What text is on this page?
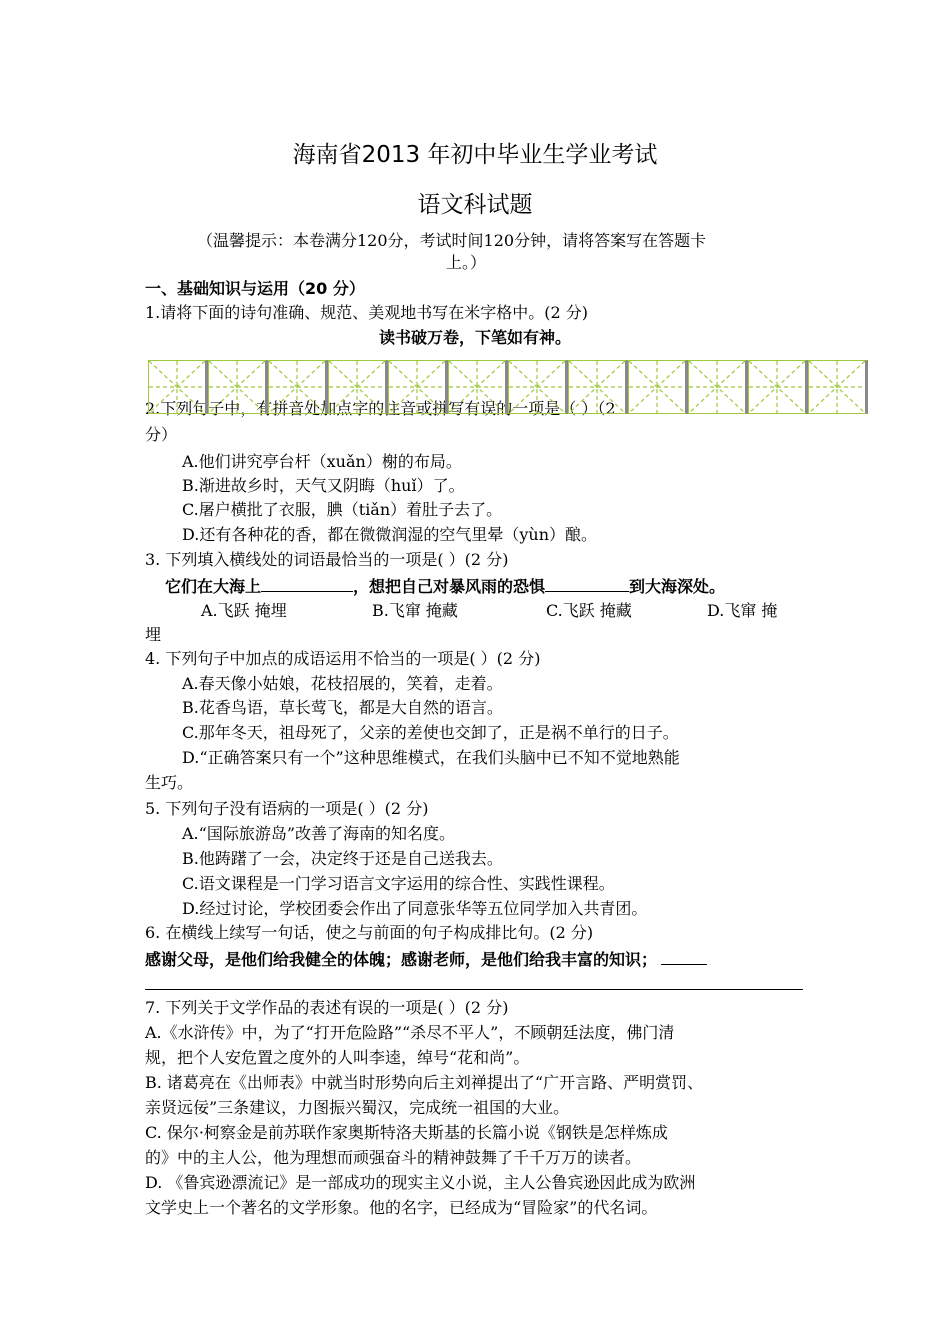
海南省2013 年初中毕业生学业考试
语文科试题
（温馨提示：本卷满分120分，考试时间120分钟，请将答案写在答题卡
上。）
一、基础知识与运用（20 分）
1.请将下面的诗句准确、规范、美观地书写在米字格中。(2 分)
读书破万卷，下笔如有神。
2.下列句子中，有拼音处加点字的注音或拼写有误的一项是（ ）（2
分）
A.他们讲究亭台杆（xuǎn）榭的布局。
B.渐进故乡时，天气又阴晦（huǐ）了。
C.屠户横批了衣服，腆（tiǎn）着肚子去了。
D.还有各种花的香，都在微微润湿的空气里晕（yùn）酿。
3. 下列填入横线处的词语最恰当的一项是( ）(2 分)
它们在大海上	，想把自己对暴风雨的恐惧	到大海深处。
A.飞跃 掩埋	B.飞窜 掩藏	C.飞跃 掩藏	D.飞窜 掩
埋
4. 下列句子中加点的成语运用不恰当的一项是( ）(2 分)
A.春天像小姑娘，花枝招展的，笑着，走着。
B.花香鸟语，草长莺飞，都是大自然的语言。
C.那年冬天，祖母死了，父亲的差使也交卸了，正是祸不单行的日子。
D.“正确答案只有一个”这种思维模式，在我们头脑中已不知不觉地熟能
生巧。
5. 下列句子没有语病的一项是( ）(2 分)
A.“国际旅游岛”改善了海南的知名度。
B.他踌躇了一会，决定终于还是自己送我去。
C.语文课程是一门学习语言文字运用的综合性、实践性课程。
D.经过讨论，学校团委会作出了同意张华等五位同学加入共青团。
6. 在横线上续写一句话，使之与前面的句子构成排比句。(2 分)
感谢父母，是他们给我健全的体魄；感谢老师，是他们给我丰富的知识；
7. 下列关于文学作品的表述有误的一项是( ）(2 分)
A.《水浒传》中，为了“打开危险路”“杀尽不平人”，不顾朝廷法度，佛门清
规，把个人安危置之度外的人叫李逵，绰号“花和尚”。
B. 诸葛亮在《出师表》中就当时形势向后主刘禅提出了“广开言路、严明赏罚、
亲贤远佞”三条建议，力图振兴蜀汉，完成统一祖国的大业。
C. 保尔·柯察金是前苏联作家奥斯特洛夫斯基的长篇小说《钢铁是怎样炼成
的》中的主人公，他为理想而顽强奋斗的精神鼓舞了千千万万的读者。
D. 《鲁宾逊漂流记》是一部成功的现实主义小说，主人公鲁宾逊因此成为欧洲
文学史上一个著名的文学形象。他的名字，已经成为“冒险家”的代名词。
